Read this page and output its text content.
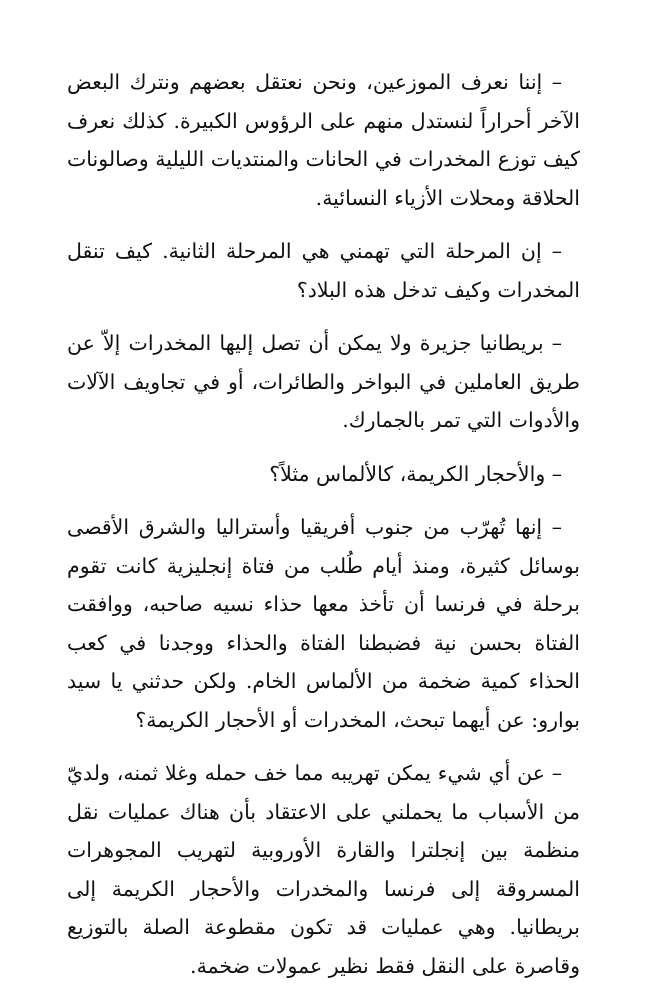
– إننا نعرف الموزعين، ونحن نعتقل بعضهم ونترك البعض الآخر أحراراً لنستدل منهم على الرؤوس الكبيرة. كذلك نعرف كيف توزع المخدرات في الحانات والمنتديات الليلية وصالونات الحلاقة ومحلات الأزياء النسائية.

– إن المرحلة التي تهمني هي المرحلة الثانية. كيف تنقل المخدرات وكيف تدخل هذه البلاد؟

– بريطانيا جزيرة ولا يمكن أن تصل إليها المخدرات إلاّ عن طريق العاملين في البواخر والطائرات، أو في تجاويف الآلات والأدوات التي تمر بالجمارك.

– والأحجار الكريمة، كالألماس مثلاً؟

– إنها تُهرّب من جنوب أفريقيا وأستراليا والشرق الأقصى بوسائل كثيرة، ومنذ أيام طُلب من فتاة إنجليزية كانت تقوم برحلة في فرنسا أن تأخذ معها حذاء نسيه صاحبه، ووافقت الفتاة بحسن نية فضبطنا الفتاة والحذاء ووجدنا في كعب الحذاء كمية ضخمة من الألماس الخام. ولكن حدثني يا سيد بوارو: عن أيهما تبحث، المخدرات أو الأحجار الكريمة؟

– عن أي شيء يمكن تهريبه مما خف حمله وغلا ثمنه، ولديّ من الأسباب ما يحملني على الاعتقاد بأن هناك عمليات نقل منظمة بين إنجلترا والقارة الأوروبية لتهريب المجوهرات المسروقة إلى فرنسا والمخدرات والأحجار الكريمة إلى بريطانيا. وهي عمليات قد تكون مقطوعة الصلة بالتوزيع وقاصرة على النقل فقط نظير عمولات ضخمة.
